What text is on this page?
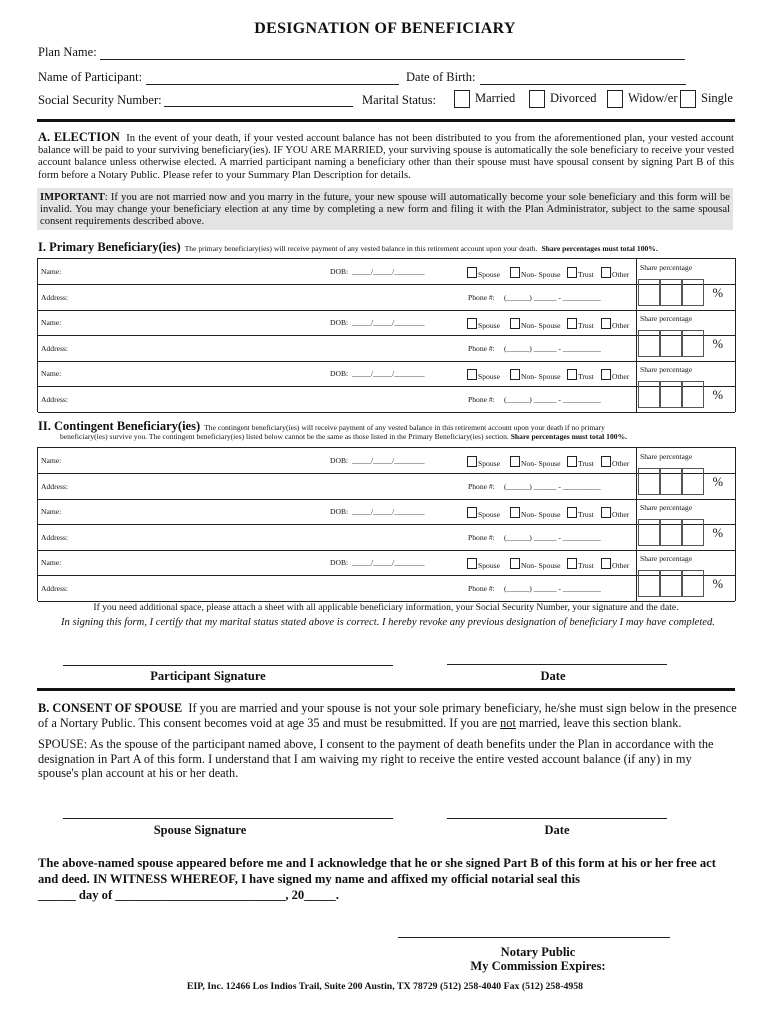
DESIGNATION OF BENEFICIARY
Plan Name:
Name of Participant:	Date of Birth:
Social Security Number:	Marital Status:	Married	Divorced	Widow/er	Single
A. ELECTION In the event of your death, if your vested account balance has not been distributed to you from the aforementioned plan, your vested account balance will be paid to your surviving beneficiary(ies). IF YOU ARE MARRIED, your surviving spouse is automatically the sole beneficiary to receive your vested account balance unless otherwise elected. A married participant naming a beneficiary other than their spouse must have spousal consent by signing Part B of this form before a Notary Public. Please refer to your Summary Plan Description for details.
IMPORTANT: If you are not married now and you marry in the future, your new spouse will automatically become your sole beneficiary and this form will be invalid. You may change your beneficiary election at any time by completing a new form and filing it with the Plan Administrator, subject to the same spousal consent requirements described above.
I. Primary Beneficiary(ies) The primary beneficiary(ies) will receive payment of any vested balance in this retirement account upon your death. Share percentages must total 100%.
Name:	DOB: _____/_____/________	Spouse	Non- Spouse	Trust	Other
Address:	Phone #: (______) ______ - __________
Share percentage
%
Name:	DOB: _____/_____/________	Spouse	Non- Spouse	Trust	Other
Address:	Phone #: (______) ______ - __________
Share percentage
%
Name:	DOB: _____/_____/________	Spouse	Non- Spouse	Trust	Other
Address:	Phone #: (______) ______ - __________
Share percentage
%
II. Contingent Beneficiary(ies) The contingent beneficiary(ies) will receive payment of any vested balance in this retirement account upon your death if no primary
beneficiary(ies) survive you. The contingent beneficiary(ies) listed below cannot be the same as those listed in the Primary Beneficiary(ies) section. Share percentages must total 100%.
Name:	DOB: _____/_____/________	Spouse	Non- Spouse	Trust	Other
Address:	Phone #: (______) ______ - __________
Share percentage
%
Name:	DOB: _____/_____/________	Spouse	Non- Spouse	Trust	Other
Address:	Phone #: (______) ______ - __________
Share percentage
%
Name:	DOB: _____/_____/________	Spouse	Non- Spouse	Trust	Other
Address:	Phone #: (______) ______ - __________
Share percentage
%
If you need additional space, please attach a sheet with all applicable beneficiary information, your Social Security Number, your signature and the date.
In signing this form, I certify that my marital status stated above is correct. I hereby revoke any previous designation of beneficiary I may have completed.
Participant Signature	Date
B. CONSENT OF SPOUSE If you are married and your spouse is not your sole primary beneficiary, he/she must sign below in the presence of a Nortary Public. This consent becomes void at age 35 and must be resubmitted. If you are not married, leave this section blank.
SPOUSE: As the spouse of the participant named above, I consent to the payment of death benefits under the Plan in accordance with the designation in Part A of this form. I understand that I am waiving my right to receive the entire vested account balance (if any) in my spouse's plan account at his or her death.
Spouse Signature	Date
The above-named spouse appeared before me and I acknowledge that he or she signed Part B of this form at his or her free act and deed. IN WITNESS WHEREOF, I have signed my name and affixed my official notarial seal this
______ day of ___________________________, 20_____.
Notary Public
My Commission Expires:
EIP, Inc. 12466 Los Indios Trail, Suite 200 Austin, TX 78729 (512) 258-4040 Fax (512) 258-4958
